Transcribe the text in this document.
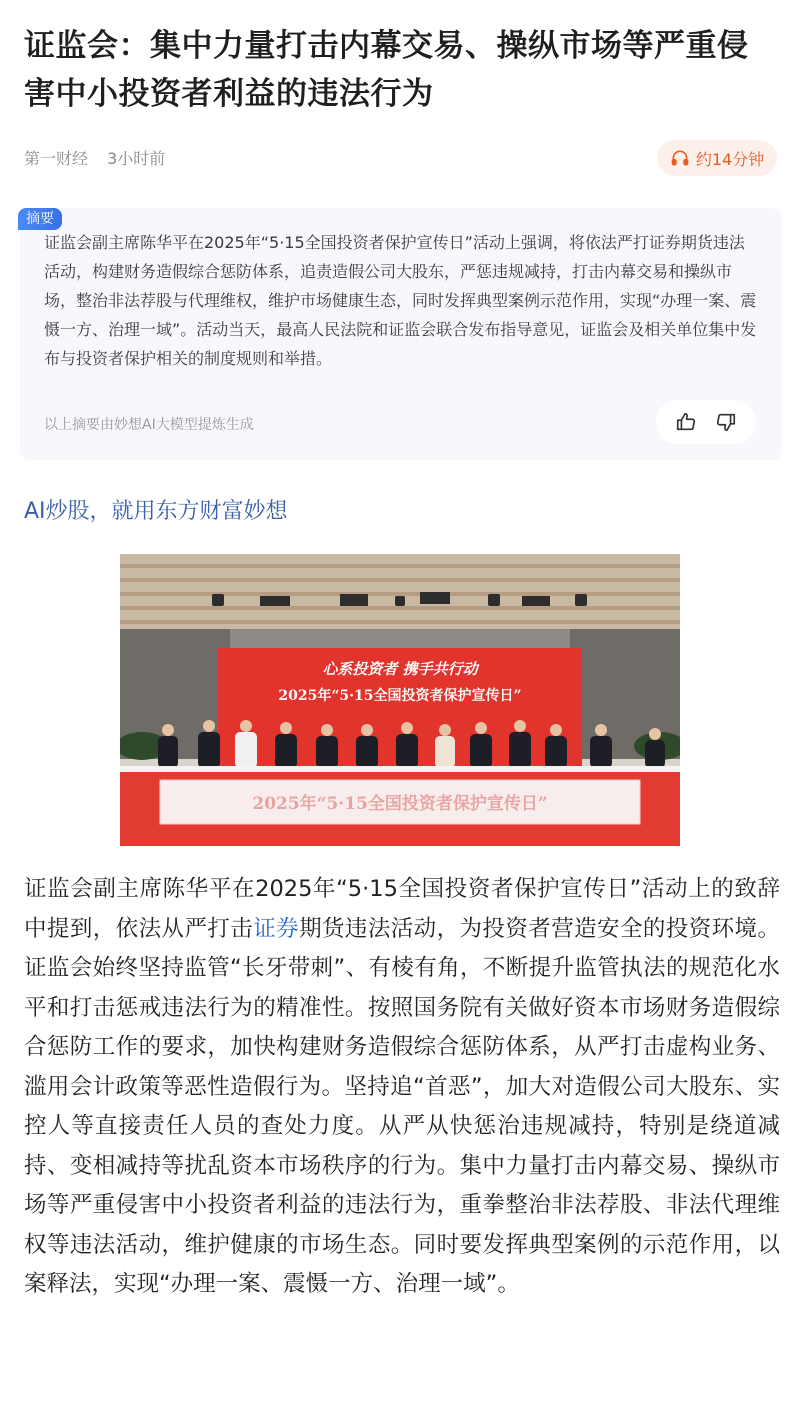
证监会：集中力量打击内幕交易、操纵市场等严重侵害中小投资者利益的违法行为
第一财经 3小时前	约14分钟
摘要

证监会副主席陈华平在2025年“5·15全国投资者保护宣传日”活动上强调，将依法严打证券期货违法活动，构建财务造假综合惩防体系，追责造假公司大股东，严惩违规减持，打击内幕交易和操纵市场，整治非法荐股与代理维权，维护市场健康生态，同时发挥典型案例示范作用，实现“办理一案、震慑一方、治理一域”。活动当天，最高人民法院和证监会联合发布指导意见，证监会及相关单位集中发布与投资者保护相关的制度规则和举措。

以上摘要由妙想AI大模型提炼生成
AI炒股，就用东方财富妙想
心系投资者 携手共行动
2025年“5·15全国投资者保护宣传日”
2025年“5·15全国投资者保护宣传日”

证监会副主席陈华平在2025年“5·15全国投资者保护宣传日”活动上的致辞中提到，依法从严打击证券期货违法活动，为投资者营造安全的投资环境。证监会始终坚持监管“长牙带刺”、有棱有角，不断提升监管执法的规范化水平和打击惩戒违法行为的精准性。按照国务院有关做好资本市场财务造假综合惩防工作的要求，加快构建财务造假综合惩防体系，从严打击虚构业务、滥用会计政策等恶性造假行为。坚持追“首恶”，加大对造假公司大股东、实控人等直接责任人员的查处力度。从严从快惩治违规减持，特别是绕道减持、变相减持等扰乱资本市场秩序的行为。集中力量打击内幕交易、操纵市场等严重侵害中小投资者利益的违法行为，重拳整治非法荐股、非法代理维权等违法活动，维护健康的市场生态。同时要发挥典型案例的示范作用，以案释法，实现“办理一案、震慑一方、治理一域”。
